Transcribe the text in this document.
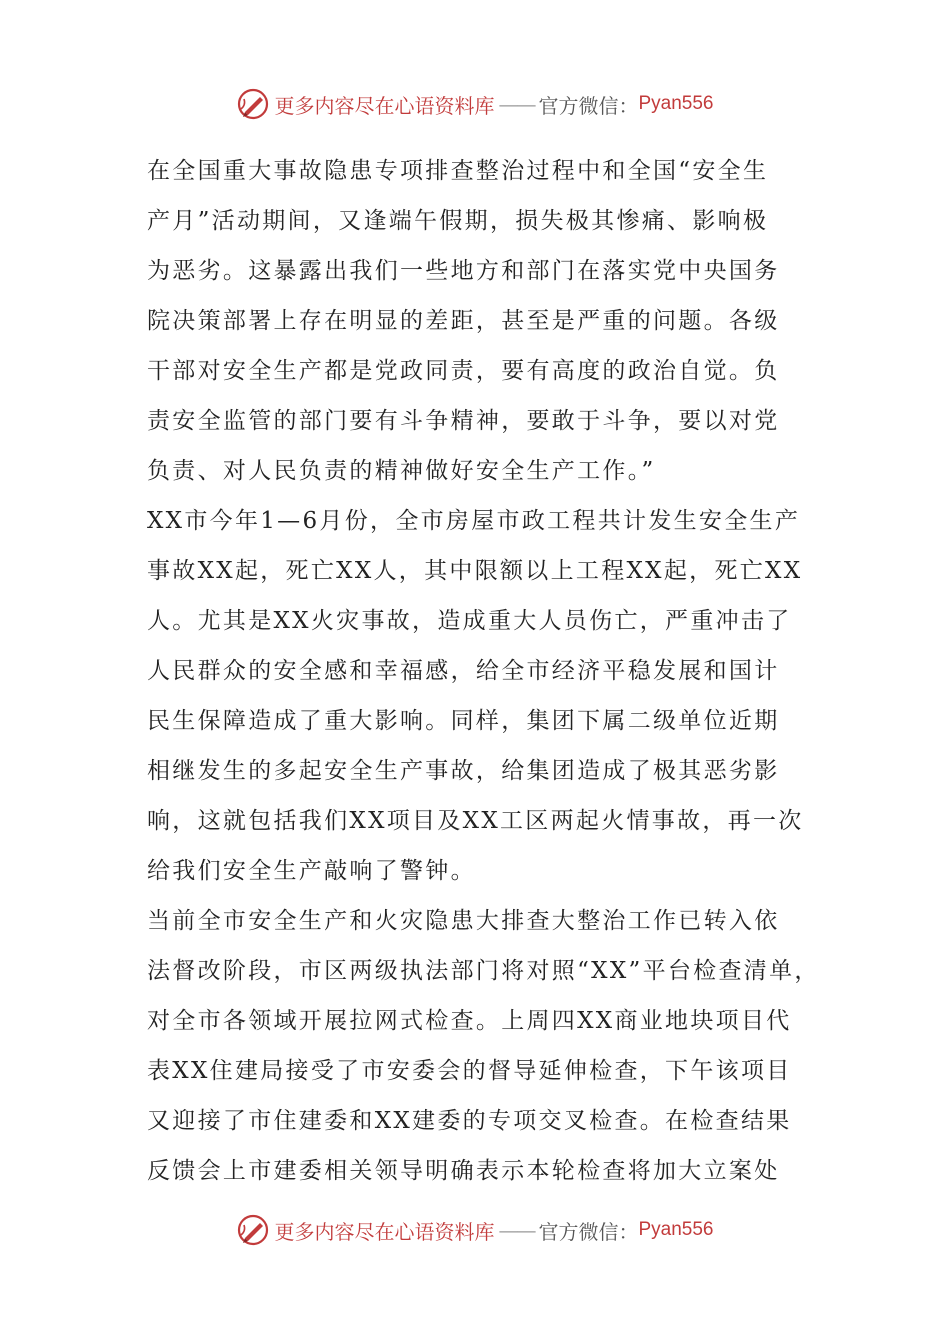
更多内容尽在心语资料库 —— 官方微信： Pyan556
在全国重大事故隐患专项排查整治过程中和全国“安全生
产月”活动期间，又逢端午假期，损失极其惨痛、影响极
为恶劣。这暴露出我们一些地方和部门在落实党中央国务
院决策部署上存在明显的差距，甚至是严重的问题。各级
干部对安全生产都是党政同责，要有高度的政治自觉。负
责安全监管的部门要有斗争精神，要敢于斗争，要以对党
负责、对人民负责的精神做好安全生产工作。”
XX市今年1—6月份，全市房屋市政工程共计发生安全生产
事故XX起，死亡XX人，其中限额以上工程XX起，死亡XX
人。尤其是XX火灾事故，造成重大人员伤亡，严重冲击了
人民群众的安全感和幸福感，给全市经济平稳发展和国计
民生保障造成了重大影响。同样，集团下属二级单位近期
相继发生的多起安全生产事故，给集团造成了极其恶劣影
响，这就包括我们XX项目及XX工区两起火情事故，再一次
给我们安全生产敲响了警钟。
当前全市安全生产和火灾隐患大排查大整治工作已转入依
法督改阶段，市区两级执法部门将对照“XX”平台检查清单，
对全市各领域开展拉网式检查。上周四XX商业地块项目代
表XX住建局接受了市安委会的督导延伸检查，下午该项目
又迎接了市住建委和XX建委的专项交叉检查。在检查结果
反馈会上市建委相关领导明确表示本轮检查将加大立案处
更多内容尽在心语资料库 —— 官方微信： Pyan556
